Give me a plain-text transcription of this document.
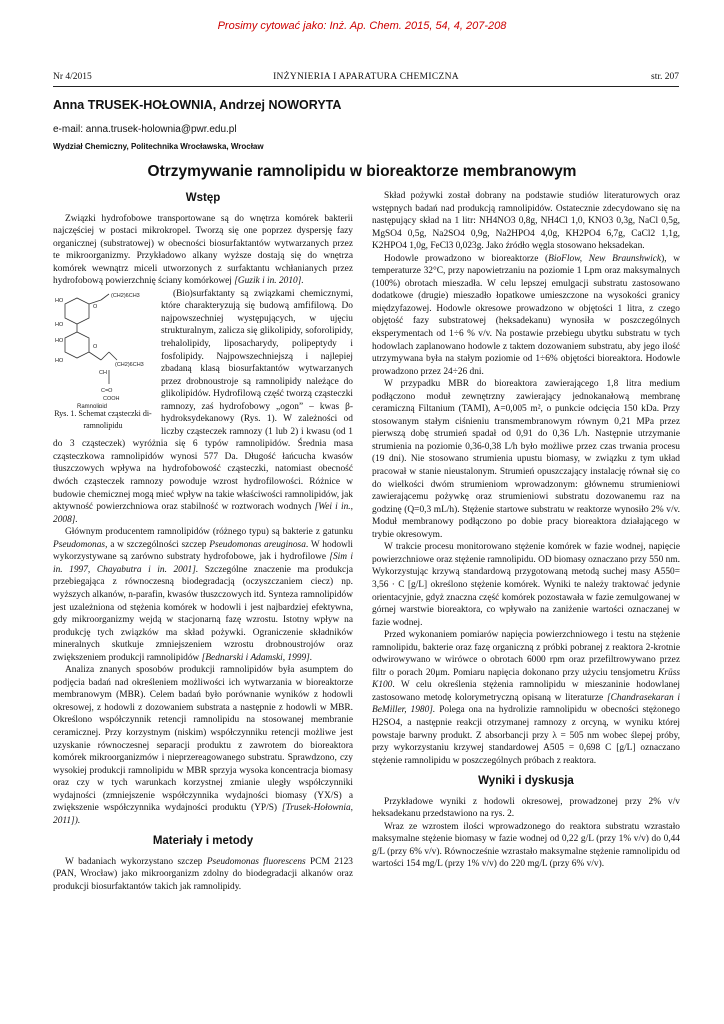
Prosimy cytować jako: Inż. Ap. Chem. 2015, 54, 4, 207-208
Nr 4/2015	INŻYNIERIA I APARATURA CHEMICZNA	str. 207
Anna TRUSEK-HOŁOWNIA, Andrzej NOWORYTA
e-mail: anna.trusek-holownia@pwr.edu.pl
Wydział Chemiczny, Politechnika Wrocławska, Wrocław
Otrzymywanie ramnolipidu w bioreaktorze membranowym
Wstęp

Związki hydrofobowe transportowane są do wnętrza komórek bakterii najczęściej w postaci mikrokropel. Tworzą się one poprzez dyspersję fazy organicznej (substratowej) w obecności biosurfaktantów wytwarzanych przez te mikroorganizmy. Przykładowo alkany wyższe dostają się do wnętrza komórek wewnątrz miceli utworzonych z surfaktantu wchłanianych przez hydrofobową powierzchnię ściany komórkowej [Guzik i in. 2010].

HO
HO
O
HO
HO
O
CH
C=O
(CH2)6CH3
(CH2)6CH3
COOH
Ramnolipid
Rys. 1. Schemat cząsteczki di-ramnolipidu
(Bio)surfaktanty są związkami chemicznymi, które charakteryzują się budową amfifilową. Do najpowszechniej występujących, w ujęciu strukturalnym, zalicza się glikolipidy, soforolipidy, trehalolipidy, liposacharydy, polipeptydy i fosfolipidy. Najpowszechniejszą i najlepiej zbadaną klasą biosurfaktantów wytwarzanych przez drobnoustroje są ramnolipidy należące do glikolipidów. Hydrofilową część tworzą cząsteczki ramnozy, zaś hydrofobowy „ogon” – kwas β-hydroksydekanowy (Rys. 1). W zależności od liczby cząsteczek ramnozy (1 lub 2) i kwasu (od 1 do 3 cząsteczek) wyróżnia się 6 typów ramnolipidów. Średnia masa cząsteczkowa ramnolipidów wynosi 577 Da. Długość łańcucha kwasów tłuszczowych wpływa na hydrofobowość cząsteczki, natomiast obecność dwóch cząsteczek ramnozy powoduje wzrost hydrofilowości. Różnice w budowie chemicznej mogą mieć wpływ na takie właściwości ramnolipidów, jak aktywność powierzchniowa oraz stabilność w roztworach wodnych [Wei i in., 2008].

Głównym producentem ramnolipidów (różnego typu) są bakterie z gatunku Pseudomonas, a w szczególności szczep Pseudomonas areuginosa. W hodowli wykorzystywane są zarówno substraty hydrofobowe, jak i hydrofilowe [Sim i in. 1997, Chayabutra i in. 2001]. Szczególne znaczenie ma produkcja przebiegająca z równoczesną biodegradacją (oczyszczaniem ciecz) np. wyższych alkanów, n-parafin, kwasów tłuszczowych itd. Synteza ramnolipidów jest uzależniona od stężenia komórek w hodowli i jest najbardziej efektywna, gdy mikroorganizmy wejdą w stacjonarną fazę wzrostu. Istotny wpływ na produkcję tych związków ma skład pożywki. Ograniczenie składników mineralnych skutkuje zmniejszeniem wzrostu drobnoustrojów oraz zwiększeniem produkcji ramnolipidów [Bednarski i Adamski, 1999].

Analiza znanych sposobów produkcji ramnolipidów była asumptem do podjęcia badań nad określeniem możliwości ich wytwarzania w bioreaktorze membranowym (MBR). Celem badań było porównanie wyników z hodowli okresowej, z hodowli z dozowaniem substrata a następnie z hodowli w MBR. Określono współczynnik retencji ramnolipidu na stosowanej membranie ceramicznej. Przy korzystnym (niskim) współczynniku retencji możliwe jest uzyskanie równoczesnej separacji produktu z zawrotem do bioreaktora komórek mikroorganizmów i nieprzereagowanego substratu. Sprawdzono, czy wysokiej produkcji ramnolipidu w MBR sprzyja wysoka koncentracja biomasy oraz czy w tych warunkach korzystnej zmianie uległy współczynniki wydajności (zmniejszenie współczynnika wydajności biomasy (YX/S) a zwiększenie współczynnika wydajności produktu (YP/S) [Trusek-Hołownia, 2011]).

Materiały i metody

W badaniach wykorzystano szczep Pseudomonas fluorescens PCM 2123 (PAN, Wrocław) jako mikroorganizm zdolny do biodegradacji alkanów oraz produkcji biosurfaktantów takich jak ramnolipidy.

Skład pożywki został dobrany na podstawie studiów literaturowych oraz wstępnych badań nad produkcją ramnolipidów. Ostatecznie zdecydowano się na następujący skład na 1 litr: NH4NO3 0,8g, NH4Cl 1,0, KNO3 0,3g, NaCl 0,5g, MgSO4 0,5g, Na2SO4 0,9g, Na2HPO4 4,0g, KH2PO4 6,7g, CaCl2 1,1g, K2HPO4 1,0g, FeCl3 0,023g. Jako źródło węgla stosowano heksadekan.

Hodowle prowadzono w bioreaktorze (BioFlow, New Braunshwick), w temperaturze 32°C, przy napowietrzaniu na poziomie 1 Lpm oraz maksymalnych (100%) obrotach mieszadła. W celu lepszej emulgacji substratu zastosowano dodatkowe (drugie) mieszadło łopatkowe umieszczone na wysokości granicy międzyfazowej. Hodowle okresowe prowadzono w objętości 1 litra, z czego objętość fazy substratowej (heksadekanu) wynosiła w poszczególnych eksperymentach od 1÷6 % v/v. Na postawie przebiegu ubytku substratu w tych hodowlach zaplanowano hodowle z taktem dozowaniem substratu, aby jego ilość utrzymywana była na stałym poziomie od 1÷6% objętości bioreaktora. Hodowle prowadzono przez 24÷26 dni.

W przypadku MBR do bioreaktora zawierającego 1,8 litra medium podłączono moduł zewnętrzny zawierający jednokanałową membranę ceramiczną Filtanium (TAMI), A=0,005 m², o punkcie odcięcia 150 kDa. Przy stosowanym stałym ciśnieniu transmembranowym równym 0,21 MPa przez pierwszą dobę strumień spadał od 0,91 do 0,36 L/h. Następnie utrzymanie strumienia na poziomie 0,36-0,38 L/h było możliwe przez czas trwania procesu (19 dni). Nie stosowano strumienia upustu biomasy, w związku z tym układ pracował w stanie nieustalonym. Strumień opuszczający instalację równał się co do wielkości dwóm strumieniom wprowadzonym: głównemu strumieniowi zawierającemu pożywkę oraz strumieniowi substratu dozowanemu raz na godzinę (Q=0,3 mL/h). Stężenie startowe substratu w reaktorze wynosiło 2% v/v. Moduł membranowy podłączono po dobie pracy bioreaktora działającego w trybie okresowym.

W trakcie procesu monitorowano stężenie komórek w fazie wodnej, napięcie powierzchniowe oraz stężenie ramnolipidu. OD biomasy oznaczano przy 550 nm. Wykorzystując krzywą standardową przygotowaną metodą suchej masy A550= 3,56 · C [g/L] określono stężenie komórek. Wyniki te należy traktować jedynie orientacyjnie, gdyż znaczna część komórek pozostawała w fazie zemulgowanej w górnej warstwie bioreaktora, co wpływało na zaniżenie wartości oznaczanej w fazie wodnej.

Przed wykonaniem pomiarów napięcia powierzchniowego i testu na stężenie ramnolipidu, bakterie oraz fazę organiczną z próbki pobranej z reaktora 2-krotnie odwirowywano w wirówce o obrotach 6000 rpm oraz przefiltrowywano przez filtr o porach 20μm. Pomiaru napięcia dokonano przy użyciu tensjometru Krüss K100. W celu określenia stężenia ramnolipidu w mieszaninie hodowlanej zastosowano metodę kolorymetryczną opisaną w literaturze [Chandrasekaran i BeMiller, 1980]. Polega ona na hydrolizie ramnolipidu w obecności stężonego H2SO4, a następnie reakcji otrzymanej ramnozy z orcyną, w wyniku której powstaje barwny produkt. Z absorbancji przy λ = 505 nm wobec ślepej próby, przy wykorzystaniu krzywej standardowej A505 = 0,698 C [g/L] oznaczano stężenie ramnolipidu w poszczególnych próbach z reaktora.

Wyniki i dyskusja

Przykładowe wyniki z hodowli okresowej, prowadzonej przy 2% v/v heksadekanu przedstawiono na rys. 2.

Wraz ze wzrostem ilości wprowadzonego do reaktora substratu wzrastało maksymalne stężenie biomasy w fazie wodnej od 0,22 g/L (przy 1% v/v) do 0,44 g/L (przy 6% v/v). Równocześnie wzrastało maksymalne stężenie ramnolipidu od wartości 154 mg/L (przy 1% v/v) do 220 mg/L (przy 6% v/v).
